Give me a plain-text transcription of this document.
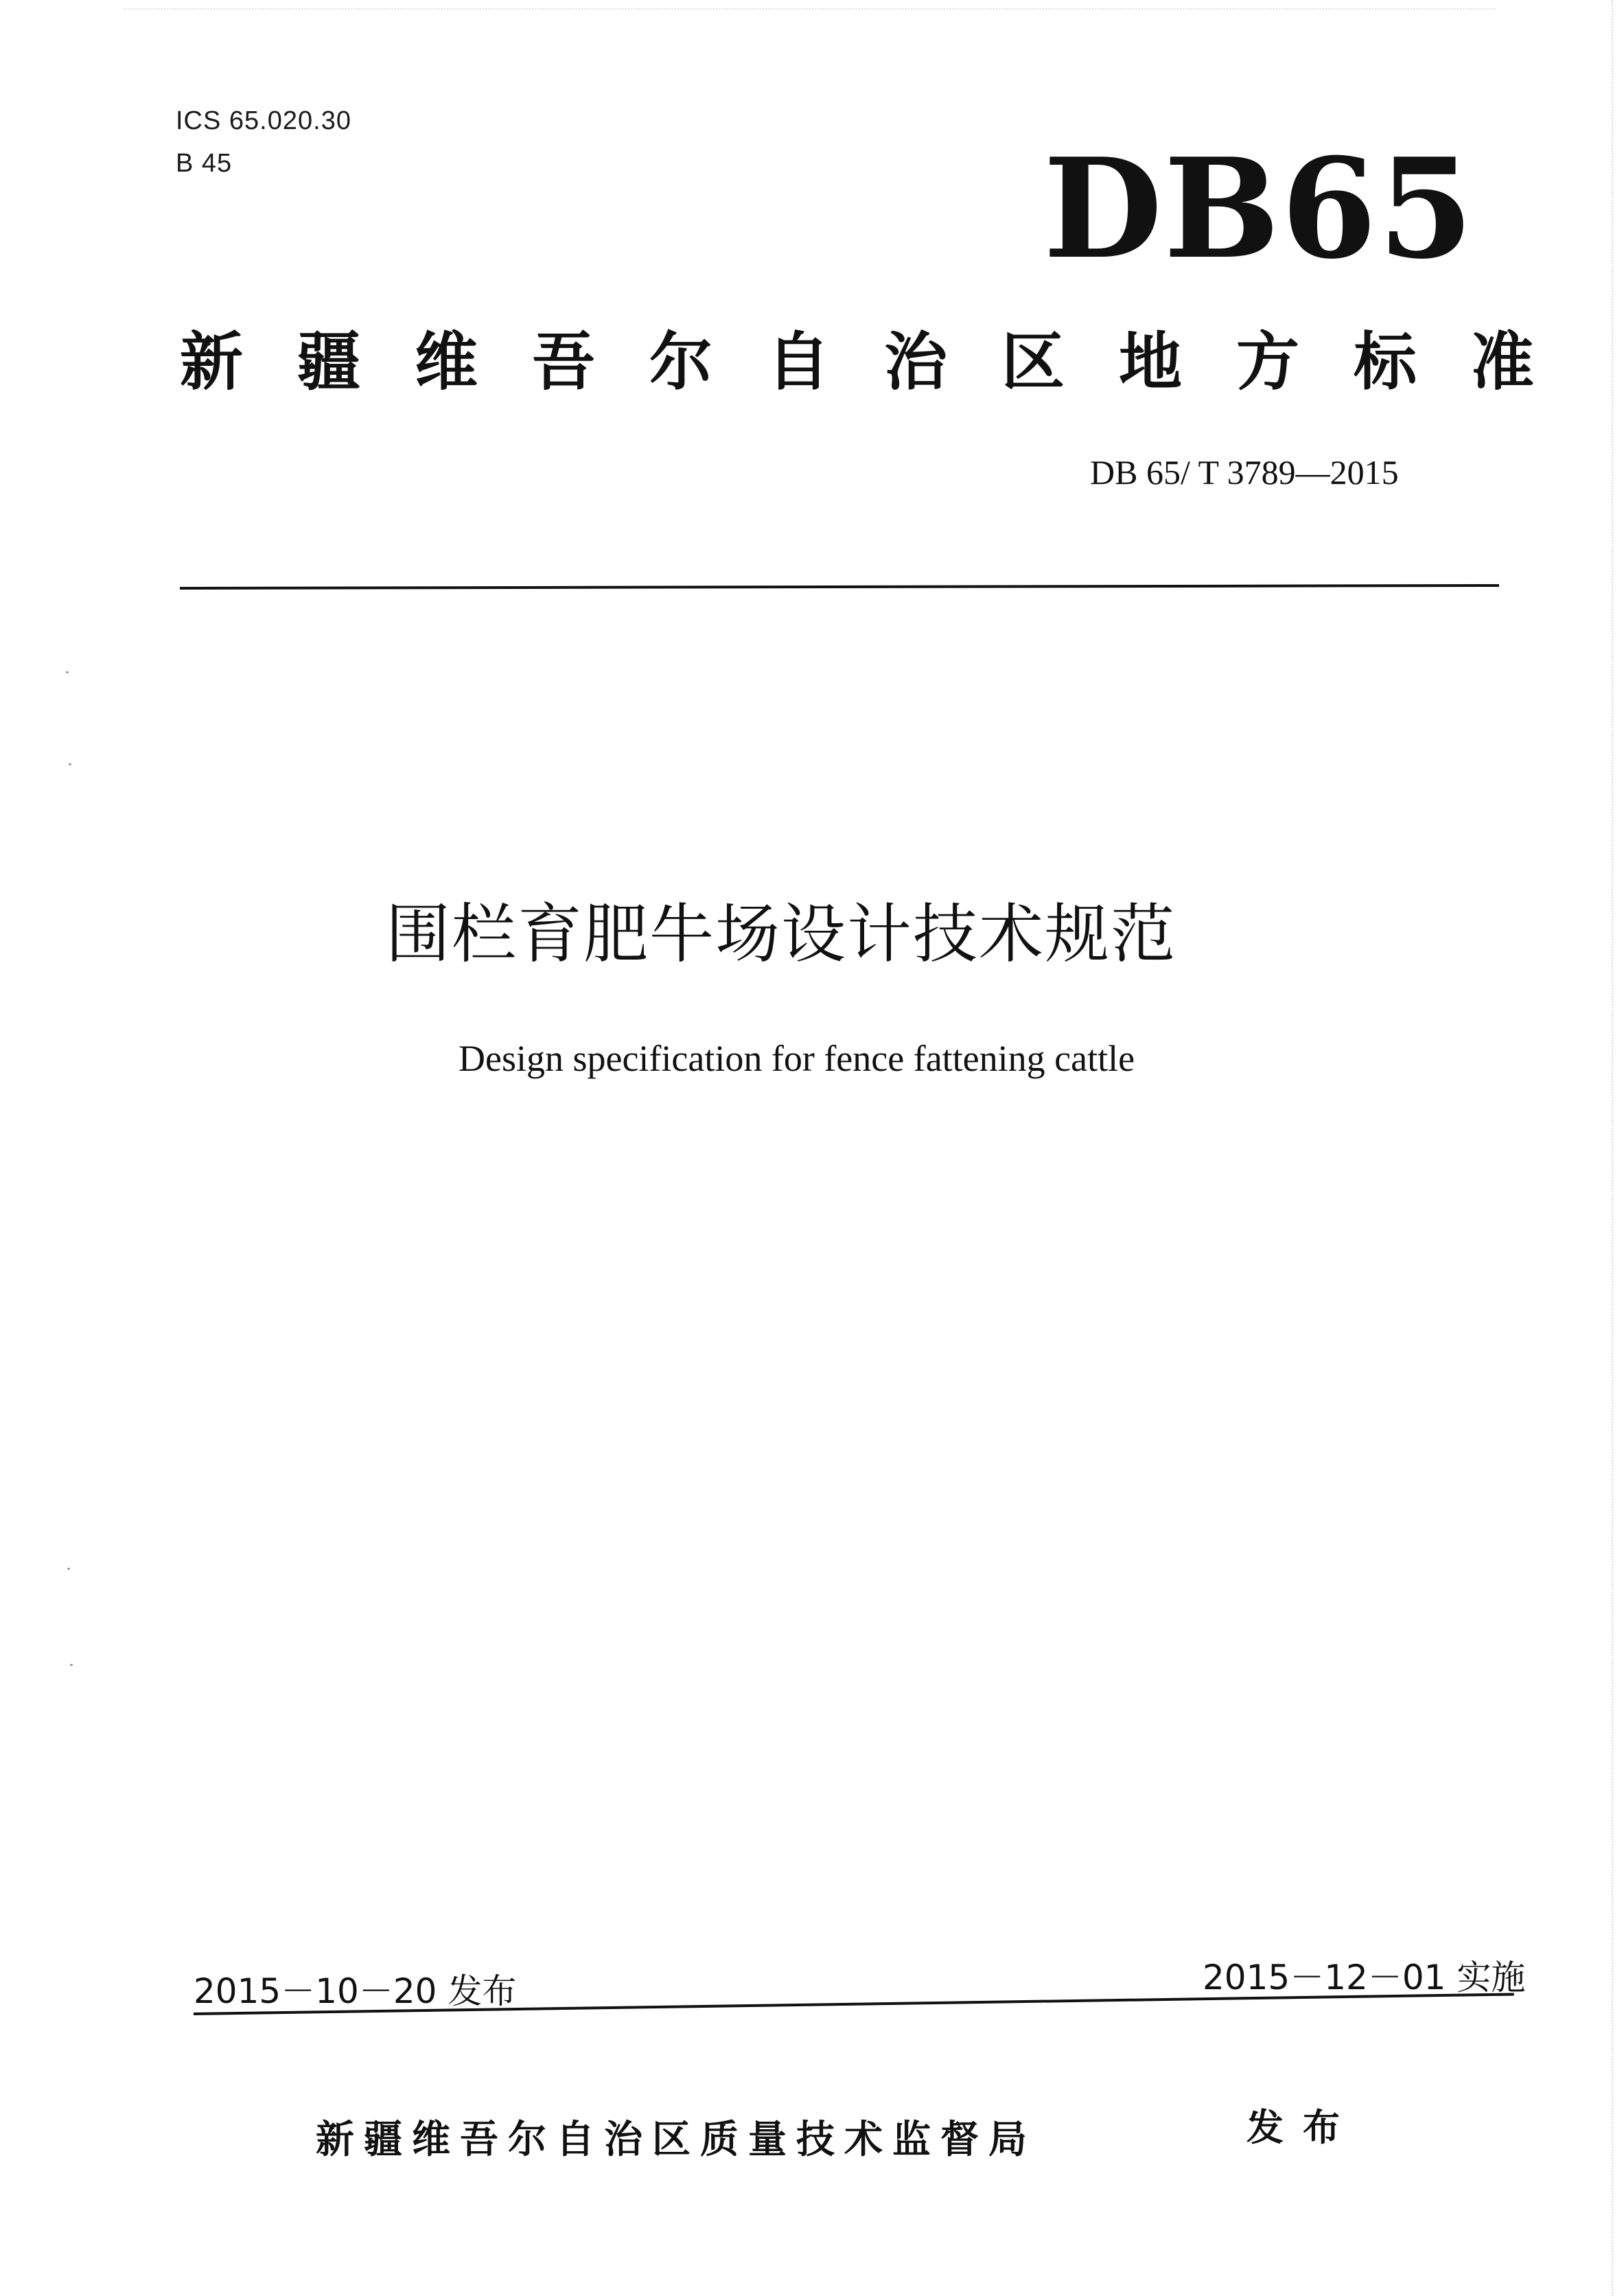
ICS 65.020.30
B 45	DB65
新疆维吾尔自治区地方标准
DB 65/ T 3789—2015
围栏育肥牛场设计技术规范
Design specification for fence fattening cattle
2015－10－20 发布	2015－12－01 实施
新疆维吾尔自治区质量技术监督局	发布
